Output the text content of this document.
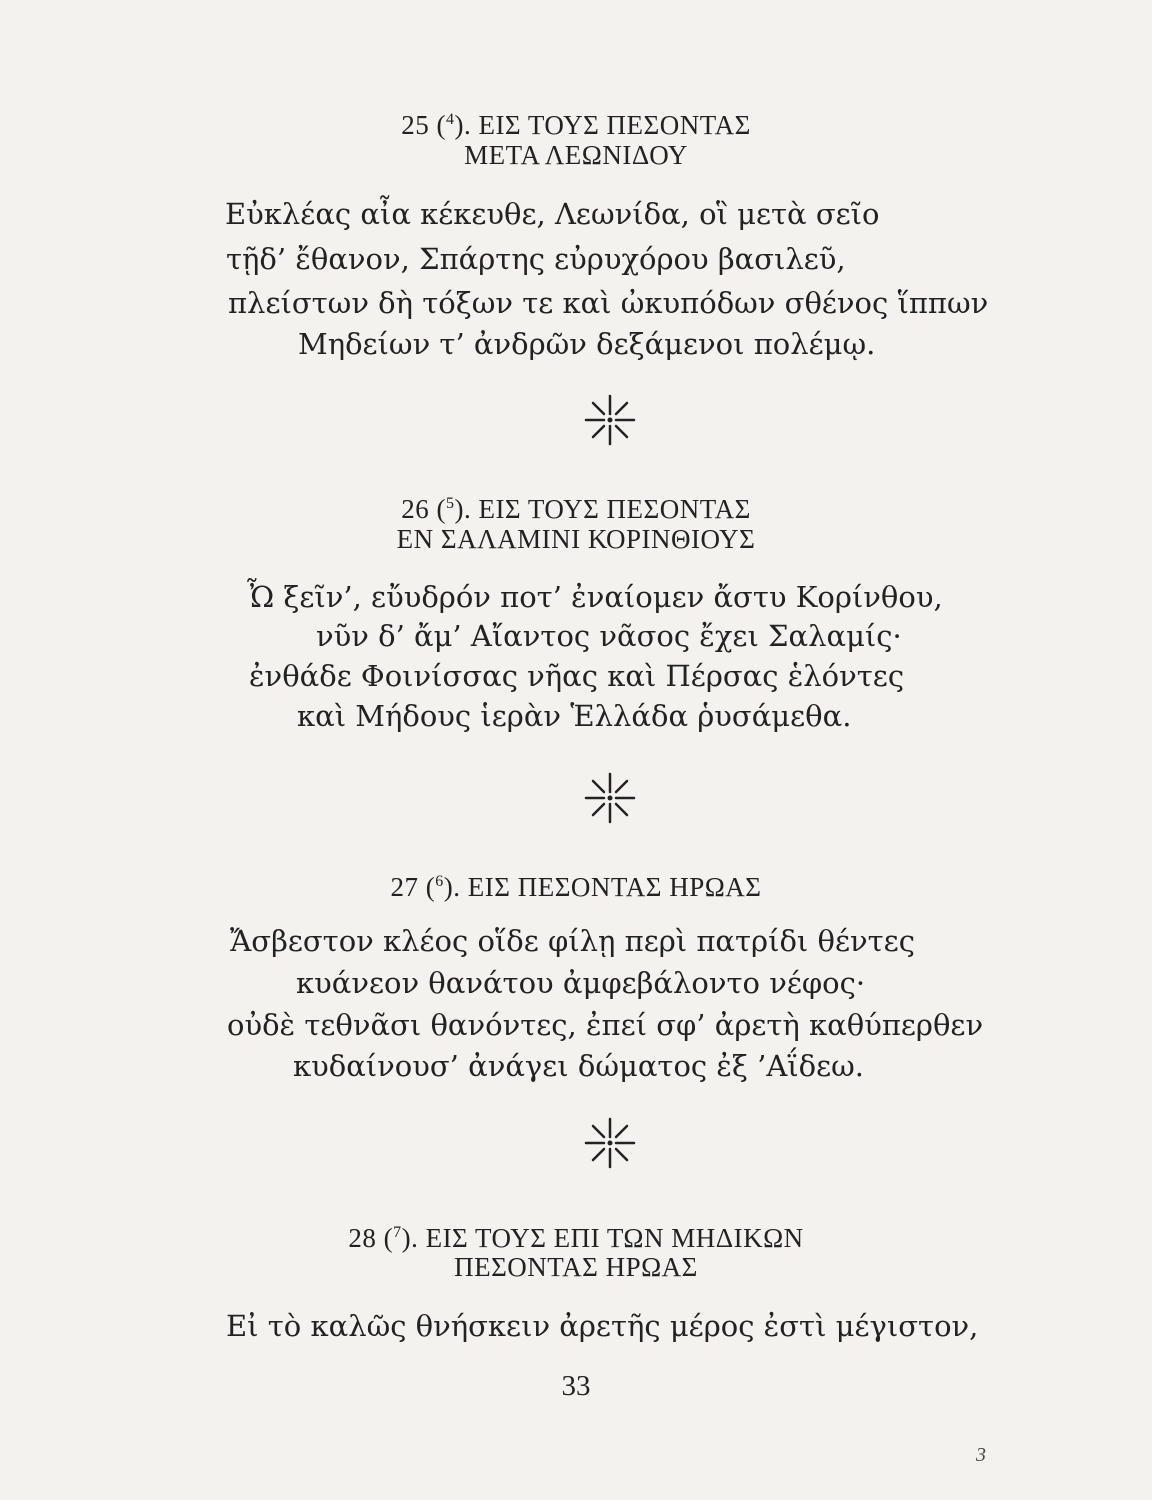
25 ($^4$). ΕΙΣ ΤΟΥΣ ΠΕΣΟΝΤΑΣ
ΜΕΤΑ ΛΕΩΝΙΔΟΥ
Εὐκλέας αἶα κέκευθε, Λεωνίδα, οἳ μετὰ σεῖο
τῇδ’ ἔθανον, Σπάρτης εὐρυχόρου βασιλεῦ,
πλείστων δὴ τόξων τε καὶ ὠκυπόδων σθένος ἵππων
Μηδείων τ’ ἀνδρῶν δεξάμενοι πολέμῳ.
26 ($^5$). ΕΙΣ ΤΟΥΣ ΠΕΣΟΝΤΑΣ
ΕΝ ΣΑΛΑΜΙΝΙ ΚΟΡΙΝΘΙΟΥΣ
Ὦ ξεῖν’, εὔυδρόν ποτ’ ἐναίομεν ἄστυ Κορίνθου,
νῦν δ’ ἄμ’ Αἴαντος νᾶσος ἔχει Σαλαμίς·
ἐνθάδε Φοινίσσας νῆας καὶ Πέρσας ἑλόντες
καὶ Μήδους ἱερὰν Ἑλλάδα ῥυσάμεθα.
27 ($^6$). ΕΙΣ ΠΕΣΟΝΤΑΣ ΗΡΩΑΣ
Ἄσβεστον κλέος οἵδε φίλῃ περὶ πατρίδι θέντες
κυάνεον θανάτου ἀμφεβάλοντο νέφος·
οὐδὲ τεθνᾶσι θανόντες, ἐπεί σφ’ ἀρετὴ καθύπερθεν
κυδαίνουσ’ ἀνάγει δώματος ἐξ ’Αΐδεω.
28 ($^7$). ΕΙΣ ΤΟΥΣ ΕΠΙ ΤΩΝ ΜΗΔΙΚΩΝ
ΠΕΣΟΝΤΑΣ ΗΡΩΑΣ
Εἰ τὸ καλῶς θνήσκειν ἀρετῆς μέρος ἐστὶ μέγιστον,
33
3
